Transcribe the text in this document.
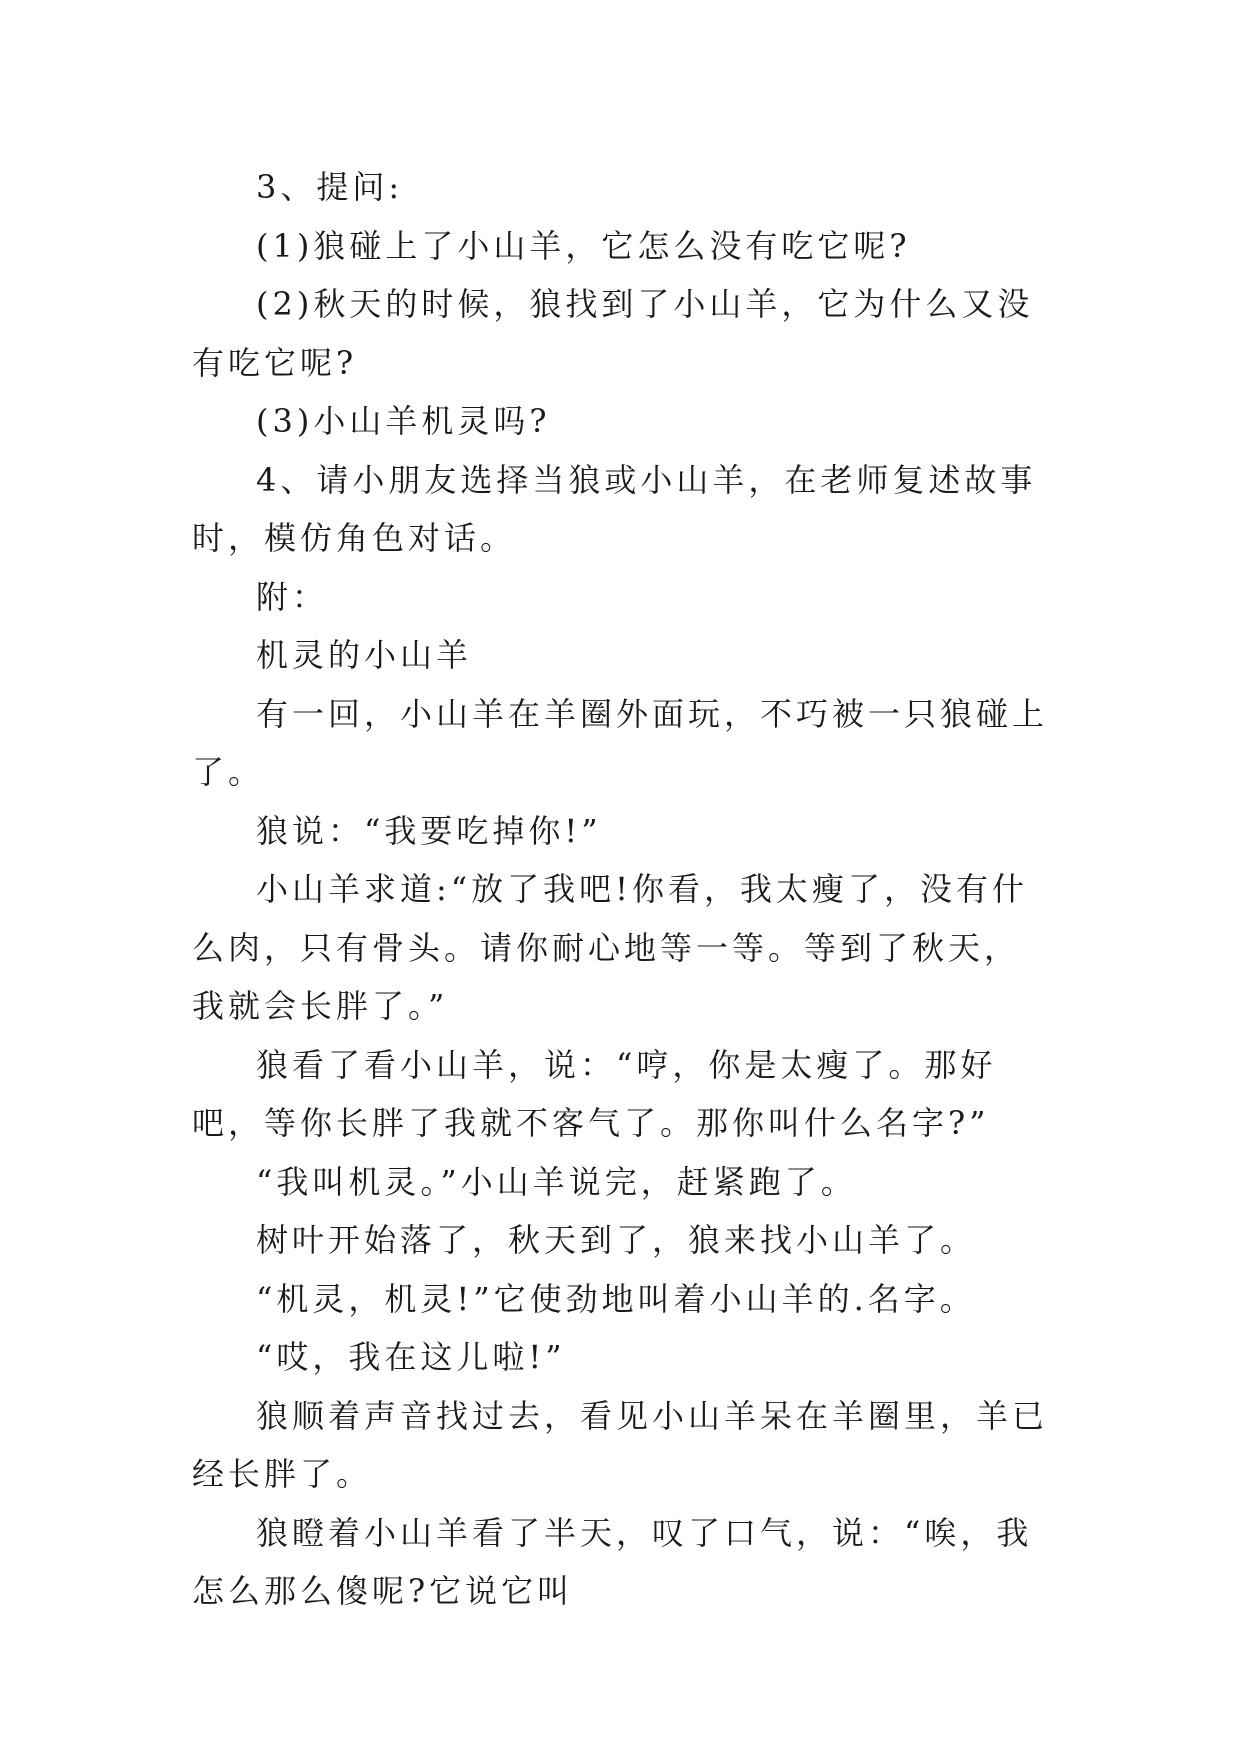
3、提问:

(1)狼碰上了小山羊，它怎么没有吃它呢?

(2)秋天的时候，狼找到了小山羊，它为什么又没有吃它呢?

(3)小山羊机灵吗?

4、请小朋友选择当狼或小山羊，在老师复述故事时，模仿角色对话。

附：

机灵的小山羊

有一回，小山羊在羊圈外面玩，不巧被一只狼碰上了。

狼说：“我要吃掉你!”

小山羊求道:“放了我吧!你看，我太瘦了，没有什么肉，只有骨头。请你耐心地等一等。等到了秋天，我就会长胖了。”

狼看了看小山羊，说：“哼，你是太瘦了。那好吧，等你长胖了我就不客气了。那你叫什么名字?”

“我叫机灵。”小山羊说完，赶紧跑了。

树叶开始落了，秋天到了，狼来找小山羊了。

“机灵，机灵!”它使劲地叫着小山羊的.名字。

“哎，我在这儿啦!”

狼顺着声音找过去，看见小山羊呆在羊圈里，羊已经长胖了。

狼瞪着小山羊看了半天，叹了口气，说：“唉，我怎么那么傻呢?它说它叫
